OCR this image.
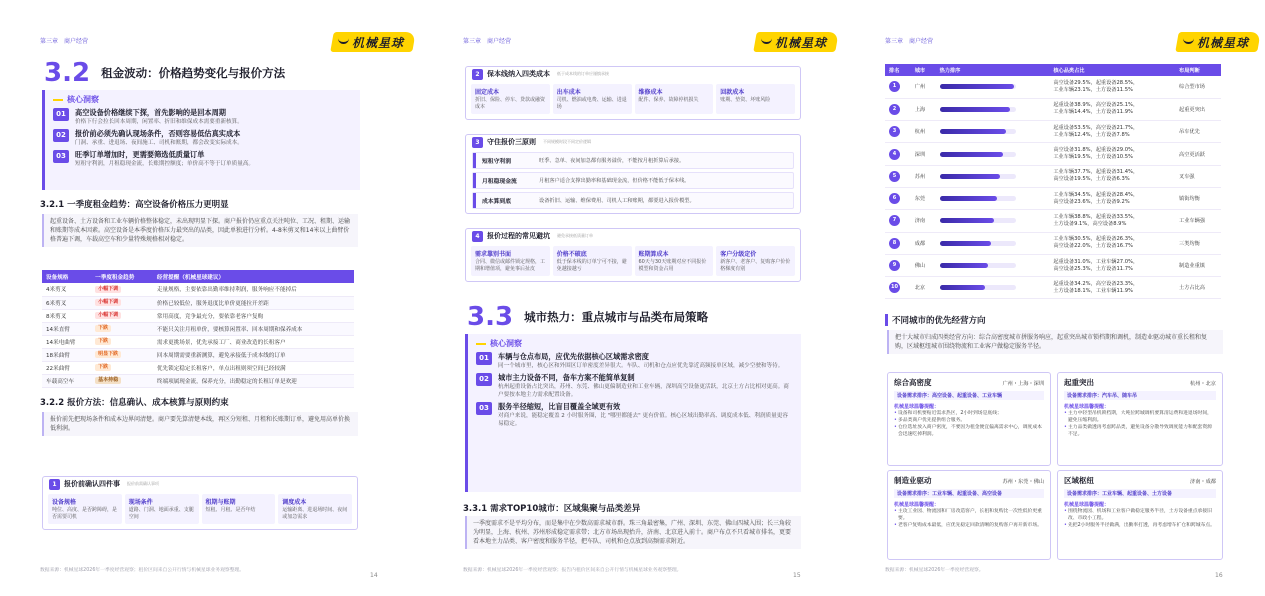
第三章　商户经营	机械星球
3.2 租金波动：价格趋势变化与报价方法
核心洞察
01	高空设备价格继续下探，首先影响的是回本周期
价格下行会拉长回本周期，闲置率、折旧和维保成本需要重新核算。
02	报价前必须先确认现场条件，否则容易低估真实成本
门洞、承重、进退场、夜间施工、司机和账期，都会改变实际成本。
03	旺季订单增加时，更需要筛选低质量订单
短租守利润，月租稳现金流，长账期控额度；单价高不等于订单质量高。
3.2.1 一季度租金趋势：高空设备价格压力更明显
起重设备、土方设备和工业车辆价格整体稳定，未出现明显下探。商户报价仍应重点关注吨位、工况、租期、运输和账期等成本因素。高空设备是本季度价格压力最突出的品类，因此单独进行分析。4-8米剪叉和14米以上曲臂价格普遍下调，车载高空车和少量特殊规格相对稳定。
设备规格	一季度租金趋势	经营提醒（机械星球建议）
4米剪叉	小幅下调	走量规格，主要依靠出勤率维持利润，服务响应不能掉后
6米剪叉	小幅下调	价格已较低位，服务退度比单价更能拉开差距
8米剪叉	小幅下调	常用高度，竞争最充分，要依靠老客户复购
14米直臂	下跌	不能只关注月租单价，要核算闲置率、回本周期和保养成本
14米电曲臂	下跌	需求更挑场景，优先承接工厂、商业改造的长租客户
18米曲臂	明显下跌	回本周期需要重新测算，避免承接低于成本线的订单
22米曲臂	下跌	优先锁定稳定长租客户，单点出租则须空间已经较满
车载高空车	基本持稳	终端项属现金流，保养充分，出勤稳定的长租订单是欢迎
3.2.2 报价方法：信息确认、成本核算与原则约束
报价前先把现场条件和成本边界问清楚。商户要先算清楚本线，再区分短租、月租和长账期订单，避免用高单价换低利润。
1	报价前确认四件事 报价前需确认事项
设备规格
吨位、高度、是否跨障碍，是否需要司机
现场条件
道路、门洞、地面承重、支腿空间
租期与账期
短租、月租、是否年结
调度成本
运输距离、进退场时间、夜间或加急需求
数据来源：机械星球2026年一季度经营观察；租价区间来自公开行情与机械星球业务观察整理。
14
第三章　商户经营	机械星球
2	保本线纳入四类成本 低于成本线的订单应谨慎承接
固定成本
折旧、保险、停车、贷款或融资成本
出车成本
司机、燃油或电费、运输、进退场
维修成本
配件、保养、故障停机损失
回款成本
账期、垫资、坏账风险
3	守住报价三原则 不同规模时段不同定价逻辑
短租守利润	旺季、急单、夜间加急都有服务溢价，不能按月租折算后承接。
月租稳现金流	月租客户适合支撑出勤率和基础现金流，但价格不能低于保本线。
成本算到底	设备折旧、运输、维保费用、司机人工和账期，都要进入报价模型。
4	报价过程的常见避坑 避免承接低质量订单
需求靠别书面
合同、微信或邮件锁定规格，工期和增值项，避免事后扯皮
价格不破底
低于保本线的订单宁可不接，避免越接越亏
账期算成本
60天与30天账期对应不同报价模型和资金占用
客户分级定价
新客户、老客户、复购客户价价格梯度有别
3.3 城市热力：重点城市与品类布局策略
核心洞察
01	车辆与仓点布局，应优先依据核心区域需求密度
同一个城市里，核心区和外围区订单密度差异很大。车队、司机和仓点应优先靠近高频接单区域，减少空驶和等待。
02	城市主力设备不同，备车方案不能简单复制
杭州起重设备占比突出，苏州、东莞、佛山更偏制造业和工业车辆，深圳高空设备更活跃，北京土方占比相对更高。商户要按本地主力需求配置设备。
03	服务半径缩短，比盲目覆盖全域更有效
对商户来说，能稳定覆盖 2 小时服务圈，比 "哪里都能去" 更有价值。核心区域出勤率高、调度成本低、利润质量更容易稳定。
3.3.1 需求TOP10城市：区域集聚与品类差异
一季度需求不是平均分布，而是集中在少数高需求城市群。珠三角最密集，广州、深圳、东莞、佛山四城入围；长三角较为明显，上海、杭州、苏州形成稳定需求带；北方市场出现抬升，济南、北京进入前十。商户布点不只看城市排名，更要看本地主力品类、客户密度和服务半径，把车队、司机和仓点放到高频需求附近。
数据来源：机械星球2026年一季度经营观察；报告内租价区间来自公开行情与机械星球业务观察整理。
15
第三章　商户经营	机械星球
排名	城市	热力排序	核心品类占比	布局判断
1	广州		高空设备29.5%，起重设备28.5%，
工业车辆23.1%，土方设备11.5%	综合型市场
2	上海		起重设备38.9%，高空设备25.1%，
工业车辆14.4%，土方设备11.9%	起重更突出
3	杭州		起重设备53.5%，高空设备21.7%，
工业车辆12.4%，土方设备7.8%	吊车优先
4	深圳		高空设备31.8%，起重设备29.0%，
工业车辆19.5%，土方设备10.5%	高空更活跃
5	苏州		工业车辆37.7%，起重设备31.4%，
高空设备19.5%，土方设备6.3%	叉车强
6	东莞		工业车辆34.5%，起重设备28.4%，
高空设备23.6%，土方设备9.2%	镇街均衡
7	济南		工业车辆38.8%，起重设备33.5%，
土方设备9.1%，高空设备8.9%	工业车辆强
8	成都		工业车辆30.5%，起重设备26.3%，
高空设备22.0%，土方设备16.7%	三类均衡
9	佛山		起重设备31.0%，工业车辆27.0%，
高空设备25.3%，土方设备11.7%	制造业重镇
10	北京		起重设备34.2%，高空设备23.3%，
土方设备18.1%，工业车辆11.9%	土方占比高
不同城市的优先经营方向
把十大城市归成四类经营方向：综合高密度城市拼服务响应，起重突出城市锁档期和调机，制造业驱动城市重长租和复购，区域枢纽城市围绕物流和工业客户做稳定服务半径。
综合高密度	广州・上海・深圳
设备需求排序：高空设备、起重设备、工业车辆
机械星球温馨提醒：
• 设备和司机要贴近需求热区，2小时到场是底线；
• 多品类商户优先提供组合服务。
• 仓位选址放入商户密度，不要因为租金便宜偏离需求中心，调度成本会迅速吃掉利润。
起重突出	杭州・北京
设备需求排序：汽车吊、随车吊
机械星球温馨提醒：
• 主力中轻型吊机锁档期，大吨位跨城调机要算清运费和进退场时间，避免压缩利润。
• 主力品类做透再考虑跨品类，避免设备分散导致调度能力和配套资源不足。
制造业驱动	苏州・东莞・佛山
设备需求排序：工业车辆、起重设备、高空设备
机械星球温馨提醒：
• 主攻工业园、物流园和厂房改造客户，长租和复购比一次性低价更重要。
• 老客户复购成本最低，应优先稳定回款清晰的复购客户再开新市场。
区域枢纽	济南・成都
设备需求排序：工业车辆、起重设备、土方设备
机械星球温馨提醒：
• 围绕物流园、机场和工业客户做稳定服务半径，土方设备重点承接旧改、市政小工程。
• 先把2小时服务半径做满，出勤率打透，再考虑增车扩仓和跨城布点。
数据来源：机械星球2026年一季度经营观察。
16
